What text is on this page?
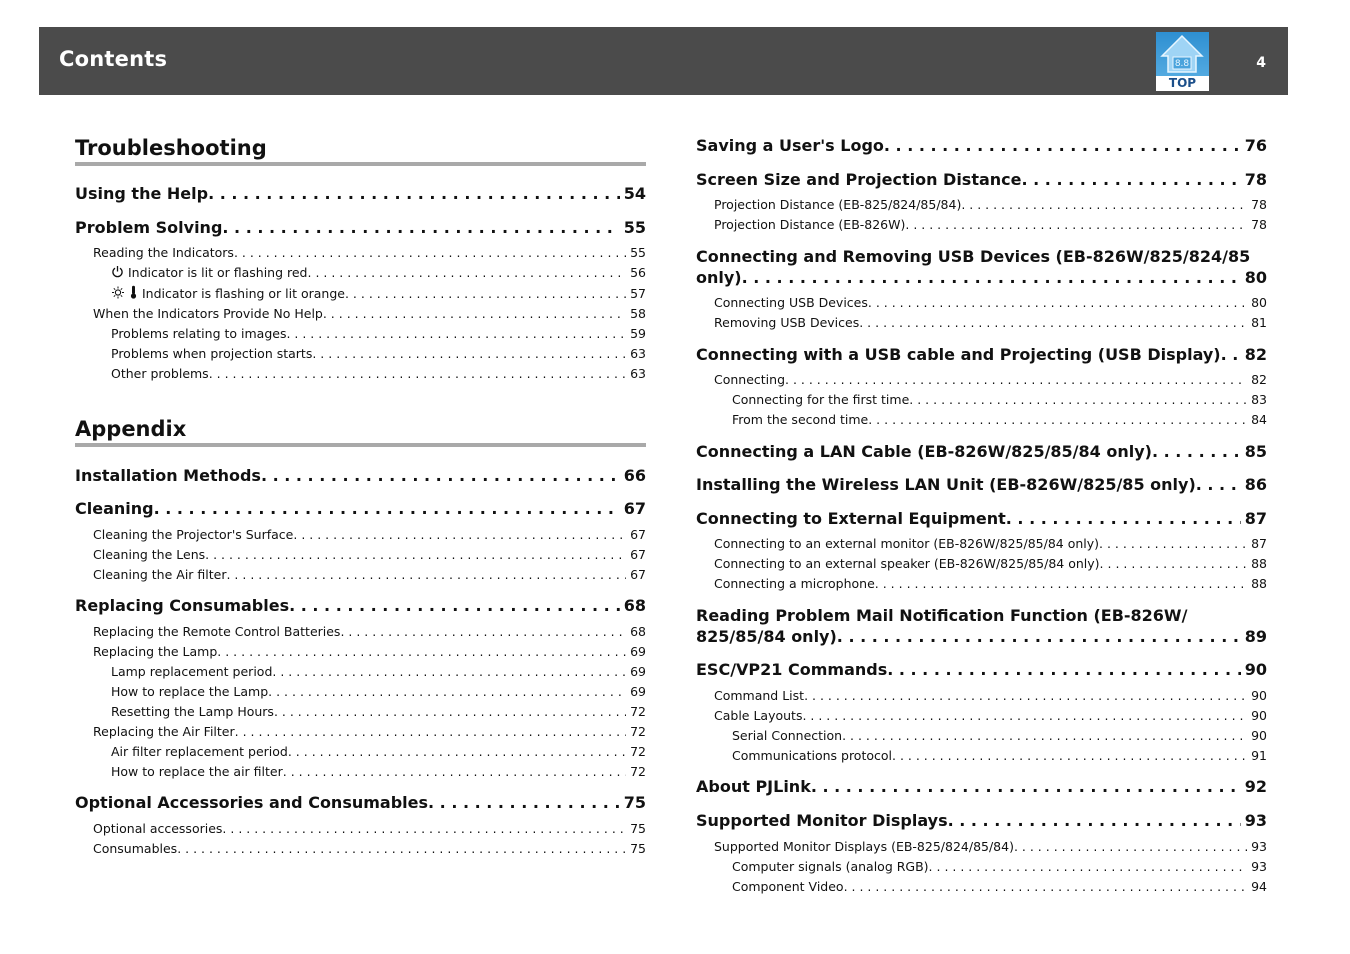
Contents	8.8
TOP
4
Troubleshooting
Using the Help . . .	54
Problem Solving . . .	55
Reading the Indicators . . .	55
Indicator is lit or flashing red . . .	56
Indicator is flashing or lit orange . . .	57
When the Indicators Provide No Help . . .	58
Problems relating to images . . .	59
Problems when projection starts . . .	63
Other problems . . .	63
Appendix
Installation Methods . . .	66
Cleaning . . .	67
Cleaning the Projector's Surface . . .	67
Cleaning the Lens . . .	67
Cleaning the Air filter . . .	67
Replacing Consumables . . .	68
Replacing the Remote Control Batteries . . .	68
Replacing the Lamp . . .	69
Lamp replacement period . . .	69
How to replace the Lamp . . .	69
Resetting the Lamp Hours . . .	72
Replacing the Air Filter . . .	72
Air filter replacement period . . .	72
How to replace the air filter . . .	72
Optional Accessories and Consumables . . .	75
Optional accessories . . .	75
Consumables . . .	75
Saving a User's Logo . . .	76
Screen Size and Projection Distance . . .	78
Projection Distance (EB-825/824/85/84) . . .	78
Projection Distance (EB-826W) . . .	78
Connecting and Removing USB Devices (EB-826W/825/824/85
only) . . .	80
Connecting USB Devices . . .	80
Removing USB Devices . . .	81
Connecting with a USB cable and Projecting (USB Display) . . . 82
Connecting . . .	82
Connecting for the first time . . .	83
From the second time . . .	84
Connecting a LAN Cable (EB-826W/825/85/84 only) . . .	85
Installing the Wireless LAN Unit (EB-826W/825/85 only) . . .	86
Connecting to External Equipment . . .	87
Connecting to an external monitor (EB-826W/825/85/84 only) . . .	87
Connecting to an external speaker (EB-826W/825/85/84 only) . . .	88
Connecting a microphone . . .	88
Reading Problem Mail Notification Function (EB-826W/
825/85/84 only) . . .	89
ESC/VP21 Commands . . .	90
Command List . . .	90
Cable Layouts . . .	90
Serial Connection . . .	90
Communications protocol . . .	91
About PJLink . . .	92
Supported Monitor Displays . . .	93
Supported Monitor Displays (EB-825/824/85/84) . . .	93
Computer signals (analog RGB) . . .	93
Component Video . . .	94
